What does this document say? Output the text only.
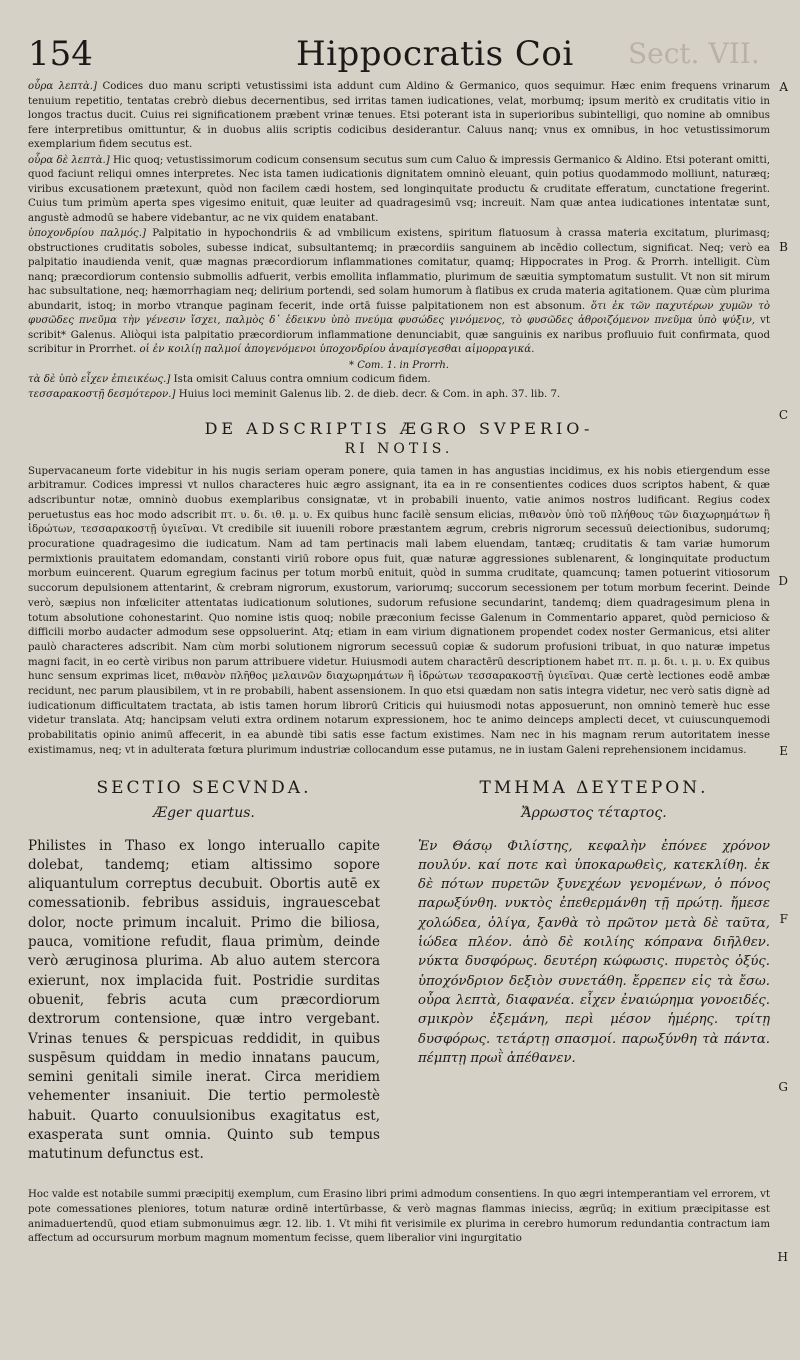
154	Hippocratis Coi Sect. VII.
A
B
C
D
E
F
G
H

οὖρα λεπτὰ.] Codices duo manu scripti vetustissimi ista addunt cum Aldino & Germanico, quos sequimur. Hæc enim frequens vrinarum tenuium repetitio, tentatas crebrò diebus decernentibus, sed irritas tamen iudicationes, velat, morbumq; ipsum meritò ex cruditatis vitio in longos tractus ducit. Cuius rei significationem præbent vrinæ tenues. Etsi poterant ista in superioribus subintelligi, quo nomine ab omnibus fere interpretibus omittuntur, & in duobus aliis scriptis codicibus desiderantur. Caluus nanq; vnus ex omnibus, in hoc vetustissimorum exemplarium fidem secutus est.

οὖρα δὲ λεπτὰ.] Hic quoq; vetustissimorum codicum consensum secutus sum cum Caluo & impressis Germanico & Aldino. Etsi poterant omitti, quod faciunt reliqui omnes interpretes. Nec ista tamen iudicationis dignitatem omninò eleuant, quin potius quodammodo molliunt, naturæq; viribus excusationem prætexunt, quòd non facilem cædi hostem, sed longinquitate productu & cruditate efferatum, cunctatione fregerint. Cuius tum primùm aperta spes vigesimo enituit, quæ leuiter ad quadragesimū vsq; increuit. Nam quæ antea iudicationes intentatæ sunt, angustè admodū se habere videbantur, ac ne vix quidem enatabant.

ὑποχονδρίου παλμός.] Palpitatio in hypochondriis & ad vmbilicum existens, spiritum flatuosum à crassa materia excitatum, plurimasq; obstructiones cruditatis soboles, subesse indicat, subsultantemq; in præcordiis sanguinem ab incēdio collectum, significat. Neq; verò ea palpitatio inaudienda venit, quæ magnas præcordiorum inflammationes comitatur, quamq; Hippocrates in Prog. & Prorrh. intelligit. Cùm nanq; præcordiorum contensio submollis adfuerit, verbis emollita inflammatio, plurimum de sæuitia symptomatum sustulit. Vt non sit mirum hac subsultatione, neq; hæmorrhagiam neq; delirium portendi, sed solam humorum à flatibus ex cruda materia agitationem. Quæ cùm plurima abundarit, istoq; in morbo vtranque paginam fecerit, inde ortā fuisse palpitationem non est absonum. ὅτι ἐκ τῶν παχυτέρων χυμῶν τὸ φυσῶδες πνεῦμα τὴν γένεσιν ἴσχει, παλμὸς δ᾽ ἐδεικνυ ὑπὸ πνεύμα φυσώδες γινόμενος, τὸ φυσῶδες ἀθροιζόμενον πνεῦμα ὑπὸ ψύξιν, vt scribit* Galenus. Aliòqui ista palpitatio præcordiorum inflammatione denunciabit, quæ sanguinis ex naribus profluuio fuit confirmata, quod scribitur in Prorrhet. οἱ ἐν κοιλίῃ παλμοί ἀπογενόμενοι ὑποχονδρίου ἀναμίσγεσθαι αἱμορραγικά.

* Com. 1. in Prorrh.

τὰ δὲ ὑπὸ εἶχεν ἐπιεικέως.] Ista omisit Caluus contra omnium codicum fidem.

τεσσαρακοστῇ δεσμότερον.] Huius loci meminit Galenus lib. 2. de dieb. decr. & Com. in aph. 37. lib. 7.

DE ADSCRIPTIS ÆGRO SVPERIO-
RI NOTIS.

Supervacaneum forte videbitur in his nugis seriam operam ponere, quia tamen in has angustias incidimus, ex his nobis etiergendum esse arbitramur. Codices impressi vt nullos characteres huic ægro assignant, ita ea in re consentientes codices duos scriptos habent, & quæ adscribuntur notæ, omninò duobus exemplaribus consignatæ, vt in probabili inuento, vatie animos nostros ludificant. Regius codex peruetustus eas hoc modo adscribit πτ. υ. δι. ιθ. μ. υ. Ex quibus hunc facilè sensum elicias, πιθανὸν ὑπὸ τοῦ πλήθους τῶν διαχωρημάτων ἢ ἱδρώτων, τεσσαρακοστῇ ὑγιεῖναι. Vt credibile sit iuuenili robore præstantem ægrum, crebris nigrorum secessuū deiectionibus, sudorumq; procuratione quadragesimo die iudicatum. Nam ad tam pertinacis mali labem eluendam, tantæq; cruditatis & tam variæ humorum permixtionis prauitatem edomandam, constanti viriū robore opus fuit, quæ naturæ aggressiones sublenarent, & longinquitate productum morbum euincerent. Quarum egregium facinus per totum morbū enituit, quòd in summa cruditate, quamcunq; tamen potuerint vitiosorum succorum depulsionem attentarint, & crebram nigrorum, exustorum, variorumq; succorum secessionem per totum morbum fecerint. Deinde verò, sæpius non infœliciter attentatas iudicationum solutiones, sudorum refusione secundarint, tandemq; diem quadragesimum plena in totum absolutione cohonestarint. Quo nomine istis quoq; nobile præconium fecisse Galenum in Commentario apparet, quòd pernicioso & difficili morbo audacter admodum sese oppsoluerint. Atq; etiam in eam virium dignationem propendet codex noster Germanicus, etsi aliter paulò characteres adscribit. Nam cùm morbi solutionem nigrorum secessuū copiæ & sudorum profusioni tribuat, in quo naturæ impetus magni facit, in eo certè viribus non parum attribuere videtur. Huiusmodi autem charactērū descriptionem habet πτ. π. μ. δι. ι. μ. υ. Ex quibus hunc sensum exprimas licet, πιθανὸν πλῆθος μελαινῶν διαχωρημάτων ἢ ἱδρώτων τεσσαρακοστῇ ὑγιεῖναι. Quæ certè lectiones eodē ambæ recidunt, nec parum plausibilem, vt in re probabili, habent assensionem. In quo etsi quædam non satis integra videtur, nec verò satis dignè ad iudicationum difficultatem tractata, ab istis tamen horum librorū Criticis qui huiusmodi notas apposuerunt, non omninò temerè huc esse videtur translata. Atq; hancipsam veluti extra ordinem notarum expressionem, hoc te animo deinceps amplecti decet, vt cuiuscunquemodi probabilitatis opinio animū affecerit, in ea abundè tibi satis esse factum existimes. Nam nec in his magnam rerum autoritatem inesse existimamus, neq; vt in adulterata fœtura plurimum industriæ collocandum esse putamus, ne in iustam Galeni reprehensionem incidamus.

SECTIO SECVNDA.
Æger quartus.

Philistes in Thaso ex longo interuallo capite dolebat, tandemq; etiam altissimo sopore aliquantulum correptus decubuit. Obortis autē ex comessationib. febribus assiduis, ingrauescebat dolor, nocte primum incaluit. Primo die biliosa, pauca, vomitione refudit, flaua primùm, deinde verò æruginosa plurima. Ab aluo autem stercora exierunt, nox implacida fuit. Postridie surditas obuenit, febris acuta cum præcordiorum dextrorum contensione, quæ intro vergebant. Vrinas tenues & perspicuas reddidit, in quibus suspēsum quiddam in medio innatans paucum, semini genitali simile inerat. Circa meridiem vehementer insaniuit. Die tertio permolestè habuit. Quarto conuulsionibus exagitatus est, exasperata sunt omnia. Quinto sub tempus matutinum defunctus est.

ΤΜΗΜΑ ΔΕΥΤΕΡΟΝ.
Ἄρρωστος τέταρτος.

Ἐν Θάσῳ Φιλίστης, κεφαλὴν ἐπόνεε χρόνον πουλύν. καί ποτε καὶ ὑποκαρωθεὶς, κατεκλίθη. ἐκ δὲ πότων πυρετῶν ξυνεχέων γενομένων, ὁ πόνος παρωξύνθη. νυκτὸς ἐπεθερμάνθη τῇ πρώτῃ. ἤμεσε χολώδεα, ὀλίγα, ξανθὰ τὸ πρῶτον μετὰ δὲ ταῦτα, ἰώδεα πλέον. ἀπὸ δὲ κοιλίης κόπρανα διῆλθεν. νύκτα δυσφόρως. δευτέρη κώφωσις. πυρετὸς ὀξύς. ὑποχόνδριον δεξιὸν συνετάθη. ἔρρεπεν εἰς τὰ ἔσω. οὖρα λεπτὰ, διαφανέα. εἶχεν ἐναιώρημα γονοειδές. σμικρὸν ἐξεμάνη, περὶ μέσον ἡμέρης. τρίτῃ δυσφόρως. τετάρτῃ σπασμοί. παρωξύνθη τὰ πάντα. πέμπτῃ πρωῒ ἀπέθανεν.

Hoc valde est notabile summi præcipitij exemplum, cum Erasino libri primi admodum consentiens. In quo ægri intemperantiam vel errorem, vt pote comessationes pleniores, totum naturæ ordinē intertūrbasse, & verò magnas flammas inieciss, ægrūq; in exitium præcipitasse est animaduertendū, quod etiam submonuimus ægr. 12. lib. 1. Vt mihi fit verisimile ex plurima in cerebro humorum redundantia contractum iam affectum ad occursurum morbum magnum momentum fecisse, quem liberalior vini ingurgitatio
